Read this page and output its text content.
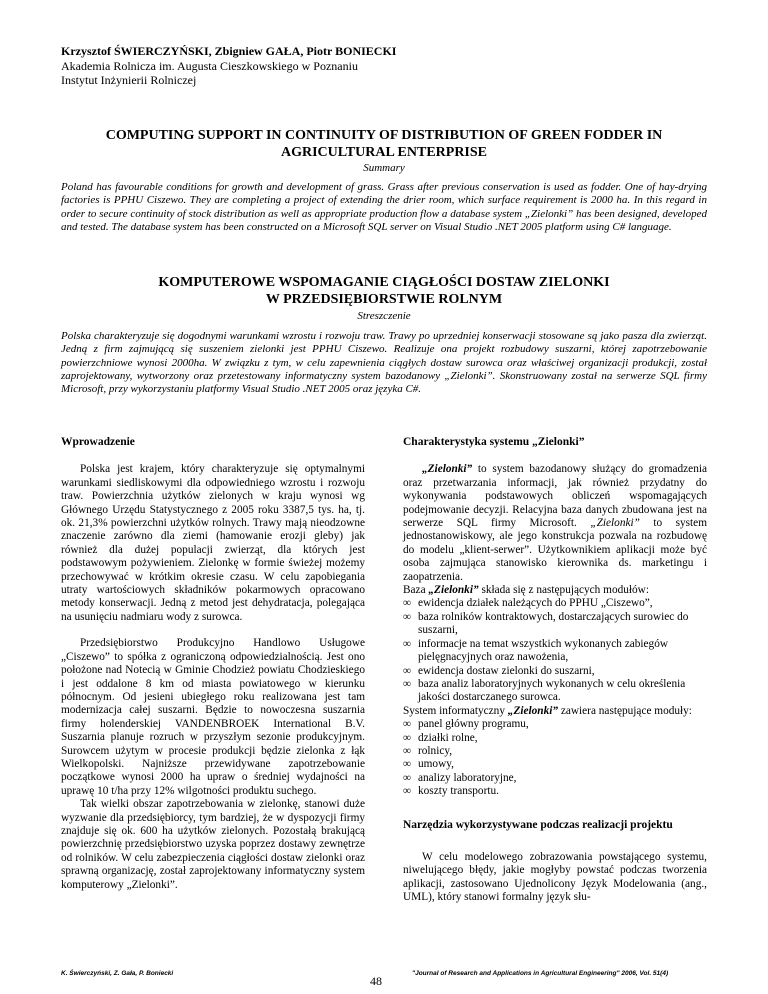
Krzysztof ŚWIERCZYŃSKI, Zbigniew GAŁA, Piotr BONIECKI
Akademia Rolnicza im. Augusta Cieszkowskiego w Poznaniu
Instytut Inżynierii Rolniczej
COMPUTING SUPPORT IN CONTINUITY OF DISTRIBUTION OF GREEN FODDER IN
AGRICULTURAL ENTERPRISE
Summary
Poland has favourable conditions for growth and development of grass. Grass after previous conservation is used as fodder. One of hay-drying factories is PPHU Ciszewo. They are completing a project of extending the drier room, which surface requirement is 2000 ha. In this regard in order to secure continuity of stock distribution as well as appropriate production flow a database system „Zielonki” has been designed, developed and tested. The database system has been constructed on a Microsoft SQL server on Visual Studio .NET 2005 platform using C# language.
KOMPUTEROWE WSPOMAGANIE CIĄGŁOŚCI DOSTAW ZIELONKI
W PRZEDSIĘBIORSTWIE ROLNYM
Streszczenie
Polska charakteryzuje się dogodnymi warunkami wzrostu i rozwoju traw. Trawy po uprzedniej konserwacji stosowane są jako pasza dla zwierząt. Jedną z firm zajmującą się suszeniem zielonki jest PPHU Ciszewo. Realizuje ona projekt rozbudowy suszarni, której zapotrzebowanie powierzchniowe wynosi 2000ha. W związku z tym, w celu zapewnienia ciągłych dostaw surowca oraz właściwej organizacji produkcji, został zaprojektowany, wytworzony oraz przetestowany informatyczny system bazodanowy „Zielonki”. Skonstruowany został na serwerze SQL firmy Microsoft, przy wykorzystaniu platformy Visual Studio .NET 2005 oraz języka C#.

Wprowadzenie

Polska jest krajem, który charakteryzuje się optymalnymi warunkami siedliskowymi dla odpowiedniego wzrostu i rozwoju traw. Powierzchnia użytków zielonych w kraju wynosi wg Głównego Urzędu Statystycznego z 2005 roku 3387,5 tys. ha, tj. ok. 21,3% powierzchni użytków rolnych. Trawy mają nieodzowne znaczenie zarówno dla ziemi (hamowanie erozji gleby) jak również dla dużej populacji zwierząt, dla których jest podstawowym pożywieniem. Zielonkę w formie świeżej możemy przechowywać w krótkim okresie czasu. W celu zapobiegania utraty wartościowych składników pokarmowych opracowano metody konserwacji. Jedną z metod jest dehydratacja, polegająca na usunięciu nadmiaru wody z surowca.

Przedsiębiorstwo Produkcyjno Handlowo Usługowe „Ciszewo” to spółka z ograniczoną odpowiedzialnością. Jest ono położone nad Notecią w Gminie Chodzież powiatu Chodzieskiego i jest oddalone 8 km od miasta powiatowego w kierunku północnym. Od jesieni ubiegłego roku realizowana jest tam modernizacja całej suszarni. Będzie to nowoczesna suszarnia firmy holenderskiej VANDENBROEK International B.V. Suszarnia planuje rozruch w przyszłym sezonie produkcyjnym. Surowcem użytym w procesie produkcji będzie zielonka z łąk Wielkopolski. Najniższe przewidywane zapotrzebowanie początkowe wynosi 2000 ha upraw o średniej wydajności na uprawę 10 t/ha przy 12% wilgotności produktu suchego.

Tak wielki obszar zapotrzebowania w zielonkę, stanowi duże wyzwanie dla przedsiębiorcy, tym bardziej, że w dyspozycji firmy znajduje się ok. 600 ha użytków zielonych. Pozostałą brakującą powierzchnię przedsiębiorstwo uzyska poprzez dostawy zewnętrze od rolników. W celu zabezpieczenia ciągłości dostaw zielonki oraz sprawną organizację, został zaprojektowany informatyczny system komputerowy „Zielonki”.

Charakterystyka systemu „Zielonki”

„Zielonki” to system bazodanowy służący do gromadzenia oraz przetwarzania informacji, jak również przydatny do wykonywania podstawowych obliczeń wspomagających podejmowanie decyzji. Relacyjna baza danych zbudowana jest na serwerze SQL firmy Microsoft. „Zielonki” to system jednostanowiskowy, ale jego konstrukcja pozwala na rozbudowę do modelu „klient-serwer”. Użytkownikiem aplikacji może być osoba zajmująca stanowisko kierownika ds. marketingu i zaopatrzenia.

Baza „Zielonki” składa się z następujących modułów:

∞ ewidencja działek należących do PPHU „Ciszewo”,
∞ baza rolników kontraktowych, dostarczających surowiec do suszarni,
∞ informacje na temat wszystkich wykonanych zabiegów pielęgnacyjnych oraz nawożenia,
∞ ewidencja dostaw zielonki do suszarni,
∞ baza analiz laboratoryjnych wykonanych w celu określenia jakości dostarczanego surowca.

System informatyczny „Zielonki” zawiera następujące moduły:

∞ panel główny programu,
∞ działki rolne,
∞ rolnicy,
∞ umowy,
∞ analizy laboratoryjne,
∞ koszty transportu.

Narzędzia wykorzystywane podczas realizacji projektu

W celu modelowego zobrazowania powstającego systemu, niwelującego błędy, jakie mogłyby powstać podczas tworzenia aplikacji, zastosowano Ujednolicony Język Modelowania (ang., UML), który stanowi formalny język słu-

K. Świerczyński, Z. Gała, P. Boniecki
48
"Journal of Research and Applications in Agricultural Engineering" 2006, Vol. 51(4)
